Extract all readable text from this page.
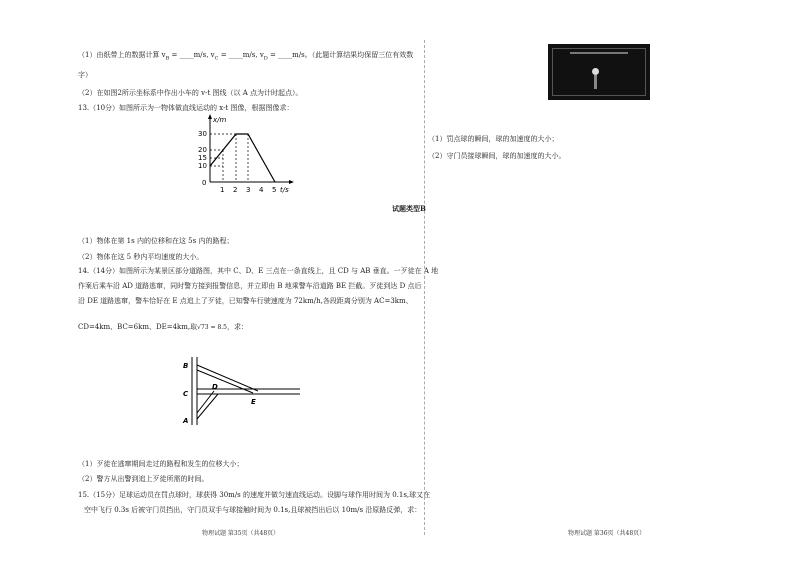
（1）由纸带上的数据计算 $v_B$ = ____m/s, $v_C$ = ____m/s, $v_D$ = ____m/s。（此题计算结果均保留三位有效数
字）
（2）在如图2所示坐标系中作出小车的 v-t 图线（以 A 点为计时起点）。
13.（10分）如图所示为一物体做直线运动的 x-t 图像，根据图像求：
x/m
t/s
30
20
15
10
0
1 2 3 4 5
（1）物体在第 1s 内的位移和在这 5s 内的路程；
（2）物体在这 5 秒内平均速度的大小。
14.（14分）如图所示为某景区部分道路图，其中 C、D、E 三点在一条直线上，且 CD 与 AB 垂直。一歹徒在 A 地
作案后乘车沿 AD 道路逃窜，同时警方接到报警信息，并立即由 B 地乘警车沿道路 BE 拦截。歹徒到达 D 点后
沿 DE 道路逃窜，警车恰好在 E 点追上了歹徒，已知警车行驶速度为 72km/h,各段距离分别为 AC=3km、
CD=4km、BC=6km、DE=4km,取√73 = 8.5，求：
B
C
A
D
E
（1）歹徒在逃窜期间走过的路程和发生的位移大小；
（2）警方从出警到追上歹徒所需的时间。
15.（15分）足球运动员在罚点球时，球获得 30m/s 的速度并做匀速直线运动。设脚与球作用时间为 0.1s,球又在
空中飞行 0.3s 后被守门员挡出，守门员双手与球接触时间为 0.1s,且球被挡出后以 10m/s 沿原路反弹，求：
物理试题 第35页（共48页）
（1）罚点球的瞬间，球的加速度的大小；
（2）守门员接球瞬间，球的加速度的大小。
试题类型B
物理试题 第36页（共48页）
